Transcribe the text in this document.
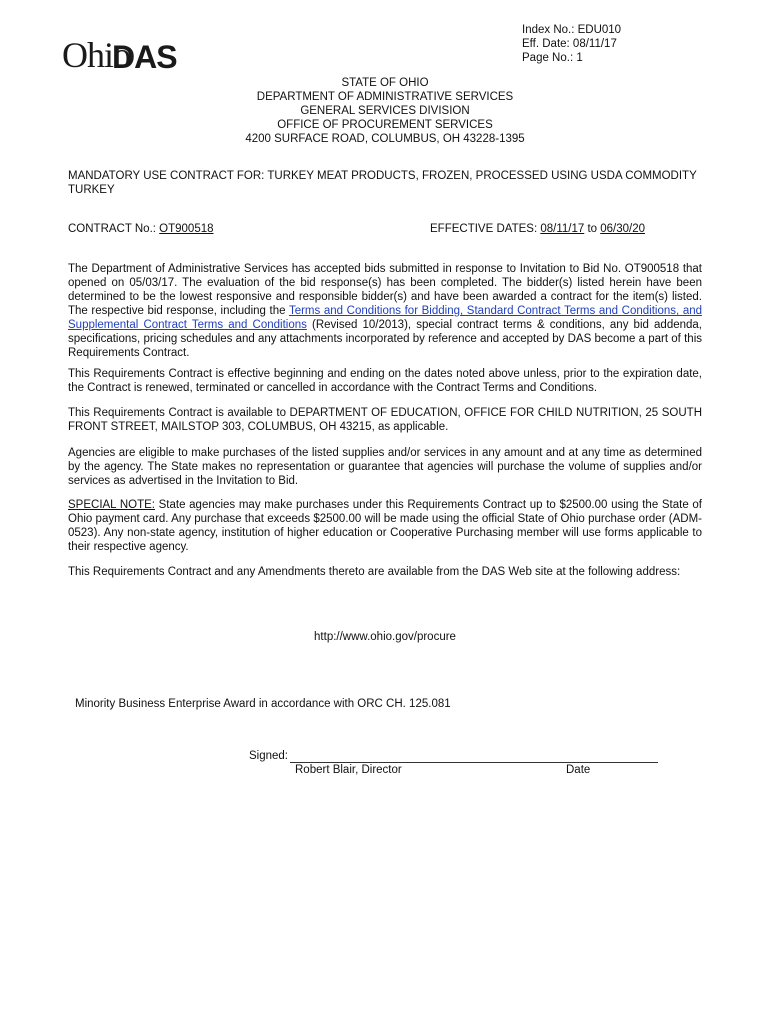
Ohio
DAS
Index No.: EDU010
Eff. Date: 08/11/17
Page No.: 1
STATE OF OHIO
DEPARTMENT OF ADMINISTRATIVE SERVICES
GENERAL SERVICES DIVISION
OFFICE OF PROCUREMENT SERVICES
4200 SURFACE ROAD, COLUMBUS, OH 43228-1395
MANDATORY USE CONTRACT FOR: TURKEY MEAT PRODUCTS, FROZEN, PROCESSED USING USDA COMMODITY
TURKEY
CONTRACT No.: OT900518	EFFECTIVE DATES: 08/11/17 to 06/30/20
The Department of Administrative Services has accepted bids submitted in response to Invitation to Bid No. OT900518 that
opened on 05/03/17. The evaluation of the bid response(s) has been completed. The bidder(s) listed herein have been
determined to be the lowest responsive and responsible bidder(s) and have been awarded a contract for the item(s) listed.
The respective bid response, including the Terms and Conditions for Bidding, Standard Contract Terms and Conditions, and
Supplemental Contract Terms and Conditions (Revised 10/2013), special contract terms & conditions, any bid addenda,
specifications, pricing schedules and any attachments incorporated by reference and accepted by DAS become a part of this
Requirements Contract.
This Requirements Contract is effective beginning and ending on the dates noted above unless, prior to the expiration date,
the Contract is renewed, terminated or cancelled in accordance with the Contract Terms and Conditions.
This Requirements Contract is available to DEPARTMENT OF EDUCATION, OFFICE FOR CHILD NUTRITION, 25 SOUTH
FRONT STREET, MAILSTOP 303, COLUMBUS, OH 43215, as applicable.
Agencies are eligible to make purchases of the listed supplies and/or services in any amount and at any time as determined
by the agency. The State makes no representation or guarantee that agencies will purchase the volume of supplies and/or
services as advertised in the Invitation to Bid.
SPECIAL NOTE: State agencies may make purchases under this Requirements Contract up to $2500.00 using the State of
Ohio payment card. Any purchase that exceeds $2500.00 will be made using the official State of Ohio purchase order (ADM-
0523). Any non-state agency, institution of higher education or Cooperative Purchasing member will use forms applicable to
their respective agency.
This Requirements Contract and any Amendments thereto are available from the DAS Web site at the following address:
http://www.ohio.gov/procure
Minority Business Enterprise Award in accordance with ORC CH. 125.081
Signed:
Robert Blair, Director	Date
